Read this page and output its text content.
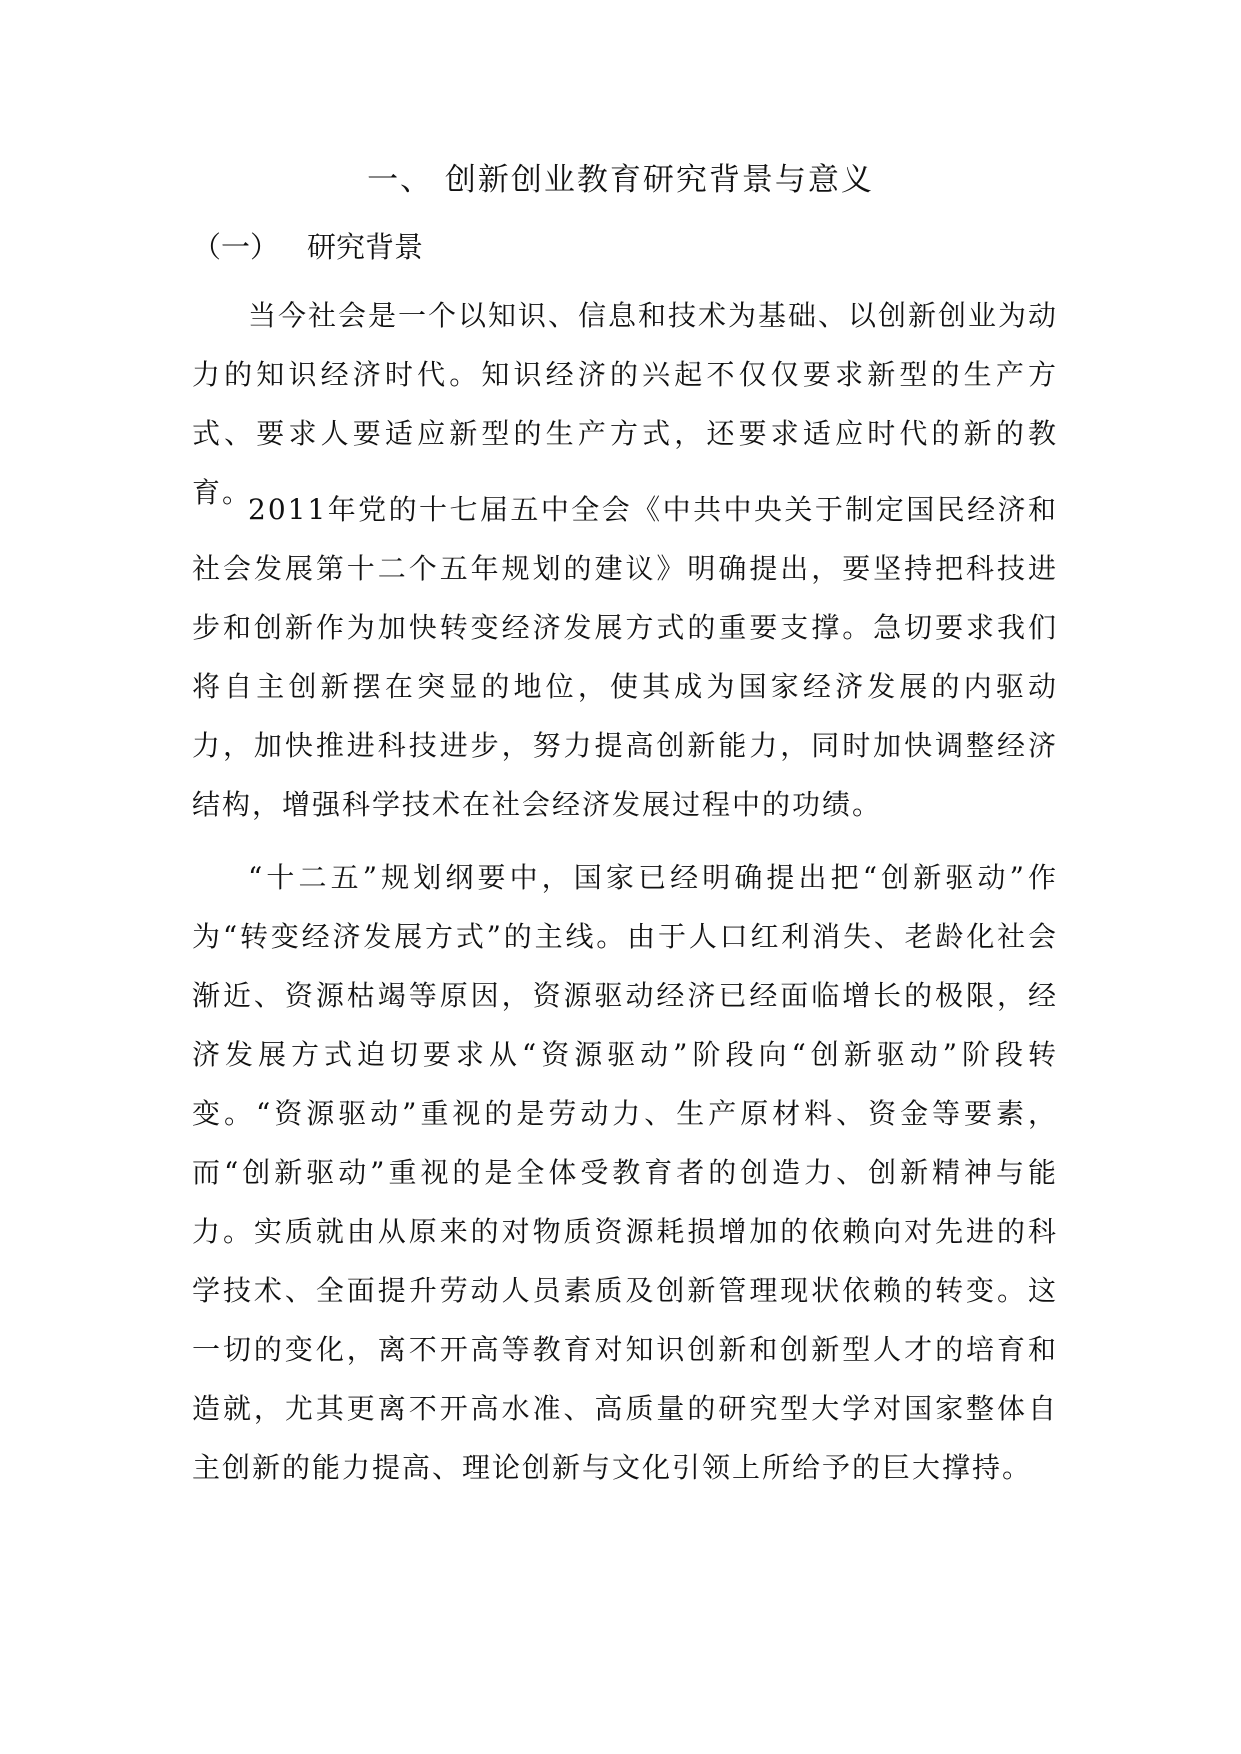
一、 创新创业教育研究背景与意义
（一） 研究背景

当今社会是一个以知识、信息和技术为基础、以创新创业为动力的知识经济时代。知识经济的兴起不仅仅要求新型的生产方式、要求人要适应新型的生产方式，还要求适应时代的新的教育。

2011年党的十七届五中全会《中共中央关于制定国民经济和社会发展第十二个五年规划的建议》明确提出，要坚持把科技进步和创新作为加快转变经济发展方式的重要支撑。急切要求我们将自主创新摆在突显的地位，使其成为国家经济发展的内驱动力，加快推进科技进步，努力提高创新能力，同时加快调整经济结构，增强科学技术在社会经济发展过程中的功绩。

“十二五”规划纲要中，国家已经明确提出把“创新驱动”作为“转变经济发展方式”的主线。由于人口红利消失、老龄化社会渐近、资源枯竭等原因，资源驱动经济已经面临增长的极限，经济发展方式迫切要求从“资源驱动”阶段向“创新驱动”阶段转变。“资源驱动”重视的是劳动力、生产原材料、资金等要素，而“创新驱动”重视的是全体受教育者的创造力、创新精神与能力。实质就由从原来的对物质资源耗损增加的依赖向对先进的科学技术、全面提升劳动人员素质及创新管理现状依赖的转变。这一切的变化，离不开高等教育对知识创新和创新型人才的培育和造就，尤其更离不开高水准、高质量的研究型大学对国家整体自主创新的能力提高、理论创新与文化引领上所给予的巨大撑持。
